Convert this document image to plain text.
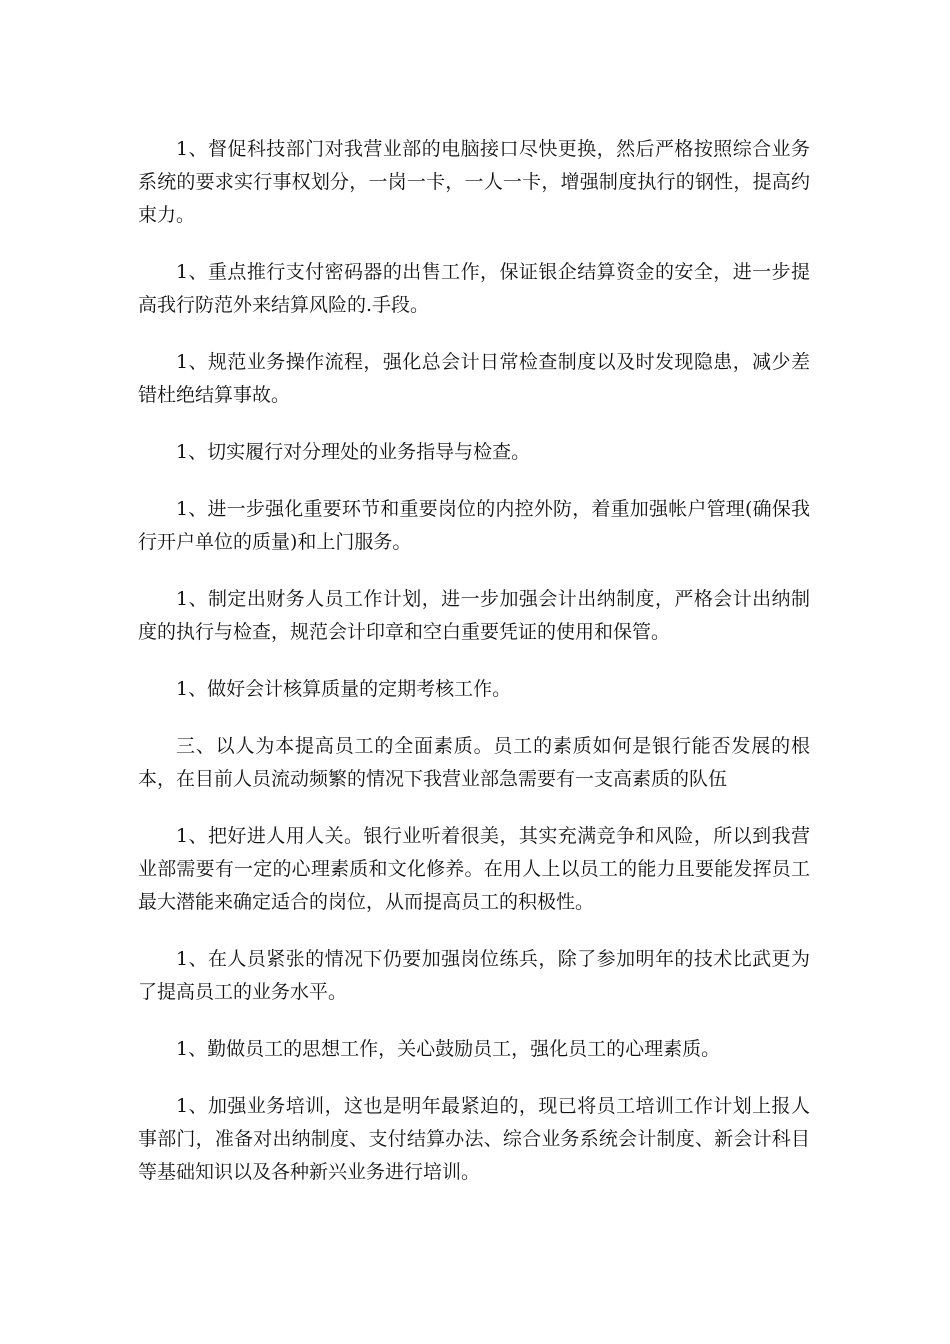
1、督促科技部门对我营业部的电脑接口尽快更换，然后严格按照综合业务系统的要求实行事权划分，一岗一卡，一人一卡，增强制度执行的钢性，提高约束力。

1、重点推行支付密码器的出售工作，保证银企结算资金的安全，进一步提高我行防范外来结算风险的.手段。

1、规范业务操作流程，强化总会计日常检查制度以及时发现隐患，减少差错杜绝结算事故。

1、切实履行对分理处的业务指导与检查。

1、进一步强化重要环节和重要岗位的内控外防，着重加强帐户管理(确保我行开户单位的质量)和上门服务。

1、制定出财务人员工作计划，进一步加强会计出纳制度，严格会计出纳制度的执行与检查，规范会计印章和空白重要凭证的使用和保管。

1、做好会计核算质量的定期考核工作。

三、以人为本提高员工的全面素质。员工的素质如何是银行能否发展的根本，在目前人员流动频繁的情况下我营业部急需要有一支高素质的队伍

1、把好进人用人关。银行业听着很美，其实充满竞争和风险，所以到我营业部需要有一定的心理素质和文化修养。在用人上以员工的能力且要能发挥员工最大潜能来确定适合的岗位，从而提高员工的积极性。

1、在人员紧张的情况下仍要加强岗位练兵，除了参加明年的技术比武更为了提高员工的业务水平。

1、勤做员工的思想工作，关心鼓励员工，强化员工的心理素质。

1、加强业务培训，这也是明年最紧迫的，现已将员工培训工作计划上报人事部门，准备对出纳制度、支付结算办法、综合业务系统会计制度、新会计科目等基础知识以及各种新兴业务进行培训。
